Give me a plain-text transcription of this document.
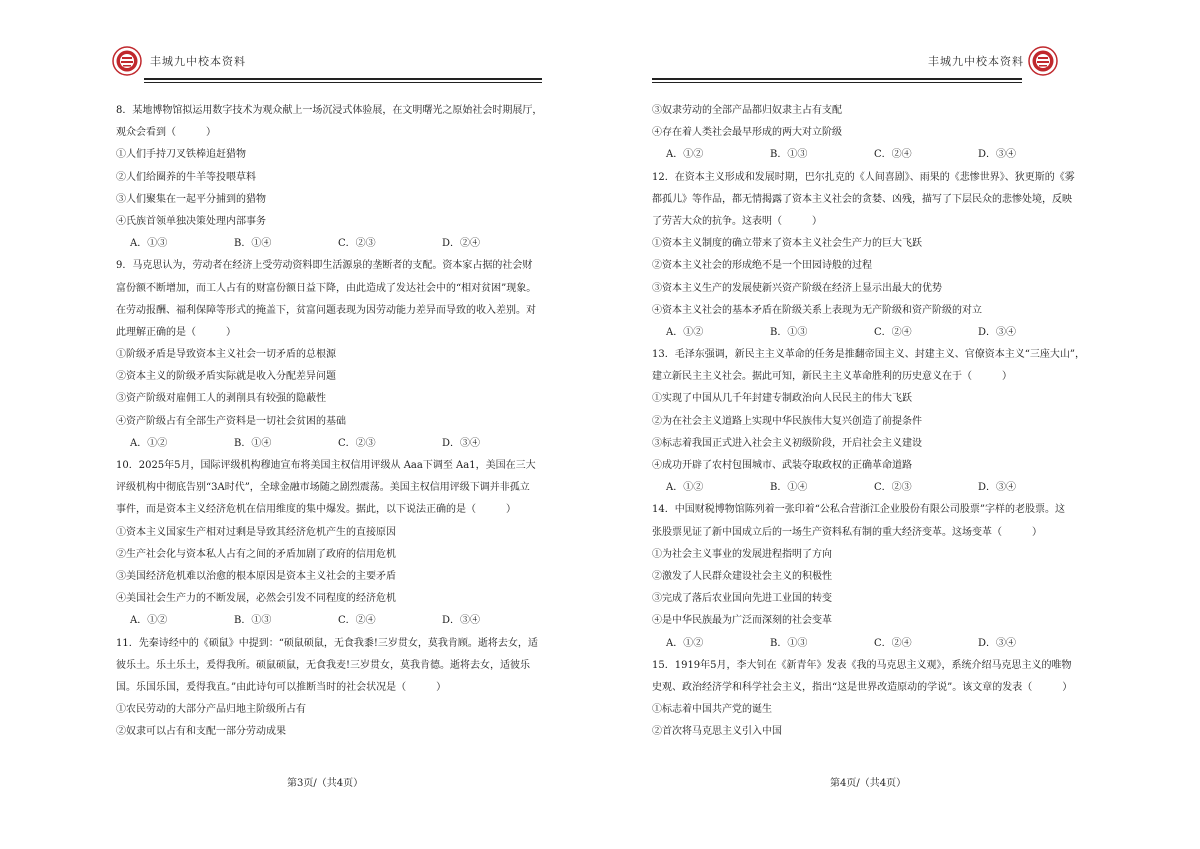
丰城九中校本资料
8．某地博物馆拟运用数字技术为观众献上一场沉浸式体验展，在文明曙光之原始社会时期展厅，
观众会看到（　　　）
①人们手持刀叉铁棒追赶猎物
②人们给圈养的牛羊等投喂草料
③人们聚集在一起平分捕到的猎物
④氏族首领单独决策处理内部事务
A．①③	B．①④	C．②③	D．②④
9．马克思认为，劳动者在经济上受劳动资料即生活源泉的垄断者的支配。资本家占据的社会财
富份额不断增加，而工人占有的财富份额日益下降，由此造成了发达社会中的“相对贫困”现象。
在劳动报酬、福利保障等形式的掩盖下，贫富问题表现为因劳动能力差异而导致的收入差别。对
此理解正确的是（　　　）
①阶级矛盾是导致资本主义社会一切矛盾的总根源
②资本主义的阶级矛盾实际就是收入分配差异问题
③资产阶级对雇佣工人的剥削具有较强的隐蔽性
④资产阶级占有全部生产资料是一切社会贫困的基础
A．①②	B．①④	C．②③	D．③④
10．2025年5月，国际评级机构穆迪宣布将美国主权信用评级从 Aaa下调至 Aa1，美国在三大
评级机构中彻底告别“3A时代”，全球金融市场随之剧烈震荡。美国主权信用评级下调并非孤立
事件，而是资本主义经济危机在信用维度的集中爆发。据此，以下说法正确的是（　　　）
①资本主义国家生产相对过剩是导致其经济危机产生的直接原因
②生产社会化与资本私人占有之间的矛盾加剧了政府的信用危机
③美国经济危机难以治愈的根本原因是资本主义社会的主要矛盾
④美国社会生产力的不断发展，必然会引发不同程度的经济危机
A．①②	B．①③	C．②④	D．③④
11．先秦诗经中的《硕鼠》中提到：“硕鼠硕鼠，无食我黍!三岁贯女，莫我肯顾。逝将去女，适
彼乐土。乐土乐土，爰得我所。硕鼠硕鼠，无食我麦!三岁贯女，莫我肯德。逝将去女，适彼乐
国。乐国乐国，爰得我直。”由此诗句可以推断当时的社会状况是（　　　）
①农民劳动的大部分产品归地主阶级所占有
②奴隶可以占有和支配一部分劳动成果
第3页/（共4页）
丰城九中校本资料
③奴隶劳动的全部产品都归奴隶主占有支配
④存在着人类社会最早形成的两大对立阶级
A．①②	B．①③	C．②④	D．③④
12．在资本主义形成和发展时期，巴尔扎克的《人间喜剧》、雨果的《悲惨世界》、狄更斯的《雾
都孤儿》等作品，都无情揭露了资本主义社会的贪婪、凶残，描写了下层民众的悲惨处境，反映
了劳苦大众的抗争。这表明（　　　）
①资本主义制度的确立带来了资本主义社会生产力的巨大飞跃
②资本主义社会的形成绝不是一个田园诗般的过程
③资本主义生产的发展使新兴资产阶级在经济上显示出最大的优势
④资本主义社会的基本矛盾在阶级关系上表现为无产阶级和资产阶级的对立
A．①②	B．①③	C．②④	D．③④
13．毛泽东强调，新民主主义革命的任务是推翻帝国主义、封建主义、官僚资本主义“三座大山”，
建立新民主主义社会。据此可知，新民主主义革命胜利的历史意义在于（　　　）
①实现了中国从几千年封建专制政治向人民民主的伟大飞跃
②为在社会主义道路上实现中华民族伟大复兴创造了前提条件
③标志着我国正式进入社会主义初级阶段，开启社会主义建设
④成功开辟了农村包围城市、武装夺取政权的正确革命道路
A．①②	B．①④	C．②③	D．③④
14．中国财税博物馆陈列着一张印着“公私合营浙江企业股份有限公司股票”字样的老股票。这
张股票见证了新中国成立后的一场生产资料私有制的重大经济变革。这场变革（　　　）
①为社会主义事业的发展进程指明了方向
②激发了人民群众建设社会主义的积极性
③完成了落后农业国向先进工业国的转变
④是中华民族最为广泛而深刻的社会变革
A．①②	B．①③	C．②④	D．③④
15．1919年5月，李大钊在《新青年》发表《我的马克思主义观》，系统介绍马克思主义的唯物
史观、政治经济学和科学社会主义，指出“这是世界改造原动的学说”。该文章的发表（　　　）
①标志着中国共产党的诞生
②首次将马克思主义引入中国
第4页/（共4页）
